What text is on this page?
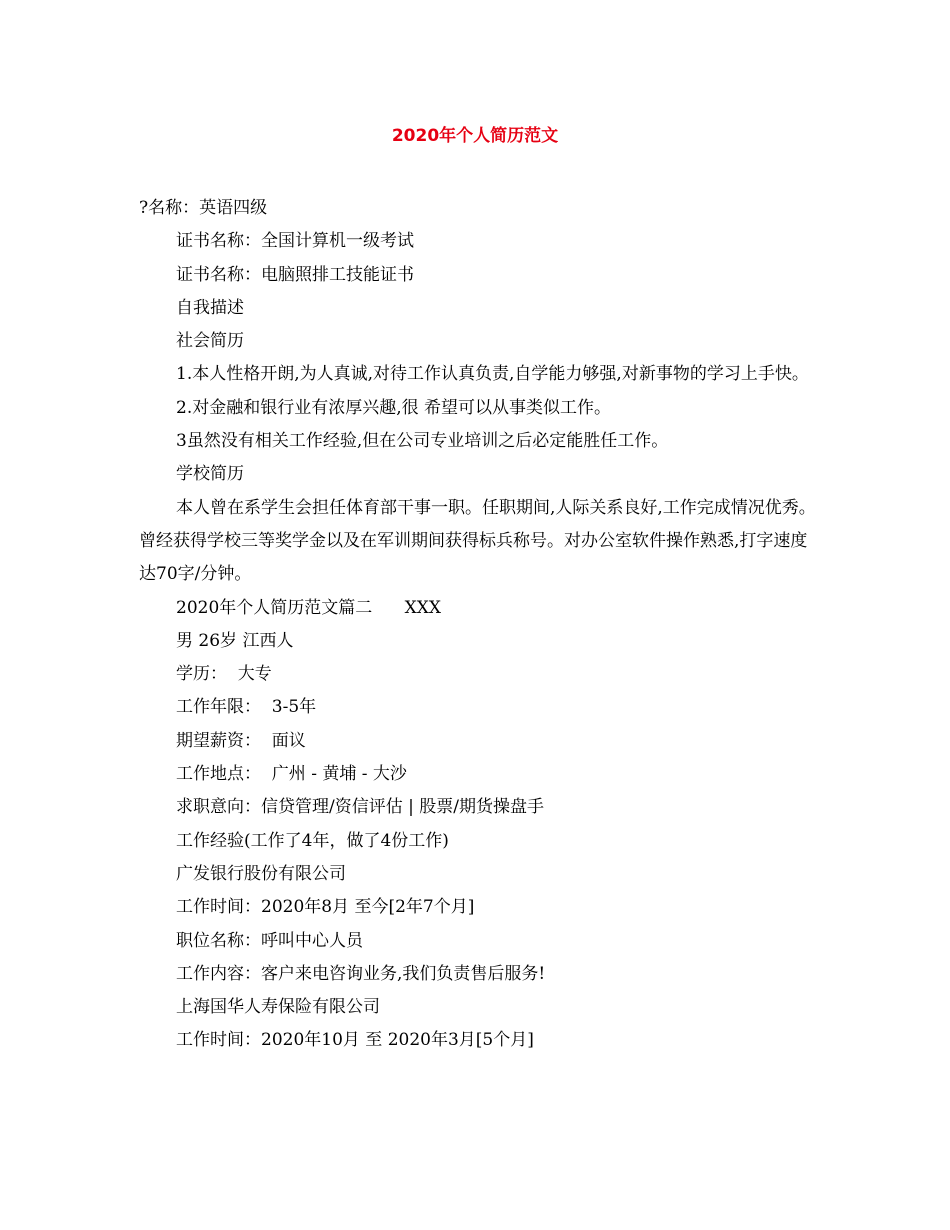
2020年个人简历范文

?名称：英语四级

证书名称：全国计算机一级考试

证书名称：电脑照排工技能证书

自我描述

社会简历

1.本人性格开朗,为人真诚,对待工作认真负责,自学能力够强,对新事物的学习上手快。

2.对金融和银行业有浓厚兴趣,很 希望可以从事类似工作。

3虽然没有相关工作经验,但在公司专业培训之后必定能胜任工作。

学校简历

本人曾在系学生会担任体育部干事一职。任职期间,人际关系良好,工作完成情况优秀。曾经获得学校三等奖学金以及在军训期间获得标兵称号。对办公室软件操作熟悉,打字速度达70字/分钟。

2020年个人简历范文篇二      XXX

男 26岁 江西人

学历：  大专

工作年限：  3-5年

期望薪资：  面议

工作地点：  广州 - 黄埔 - 大沙

求职意向：信贷管理/资信评估 | 股票/期货操盘手

工作经验(工作了4年，做了4份工作)

广发银行股份有限公司

工作时间：2020年8月 至今[2年7个月]

职位名称：呼叫中心人员

工作内容：客户来电咨询业务,我们负责售后服务!

上海国华人寿保险有限公司

工作时间：2020年10月 至 2020年3月[5个月]
